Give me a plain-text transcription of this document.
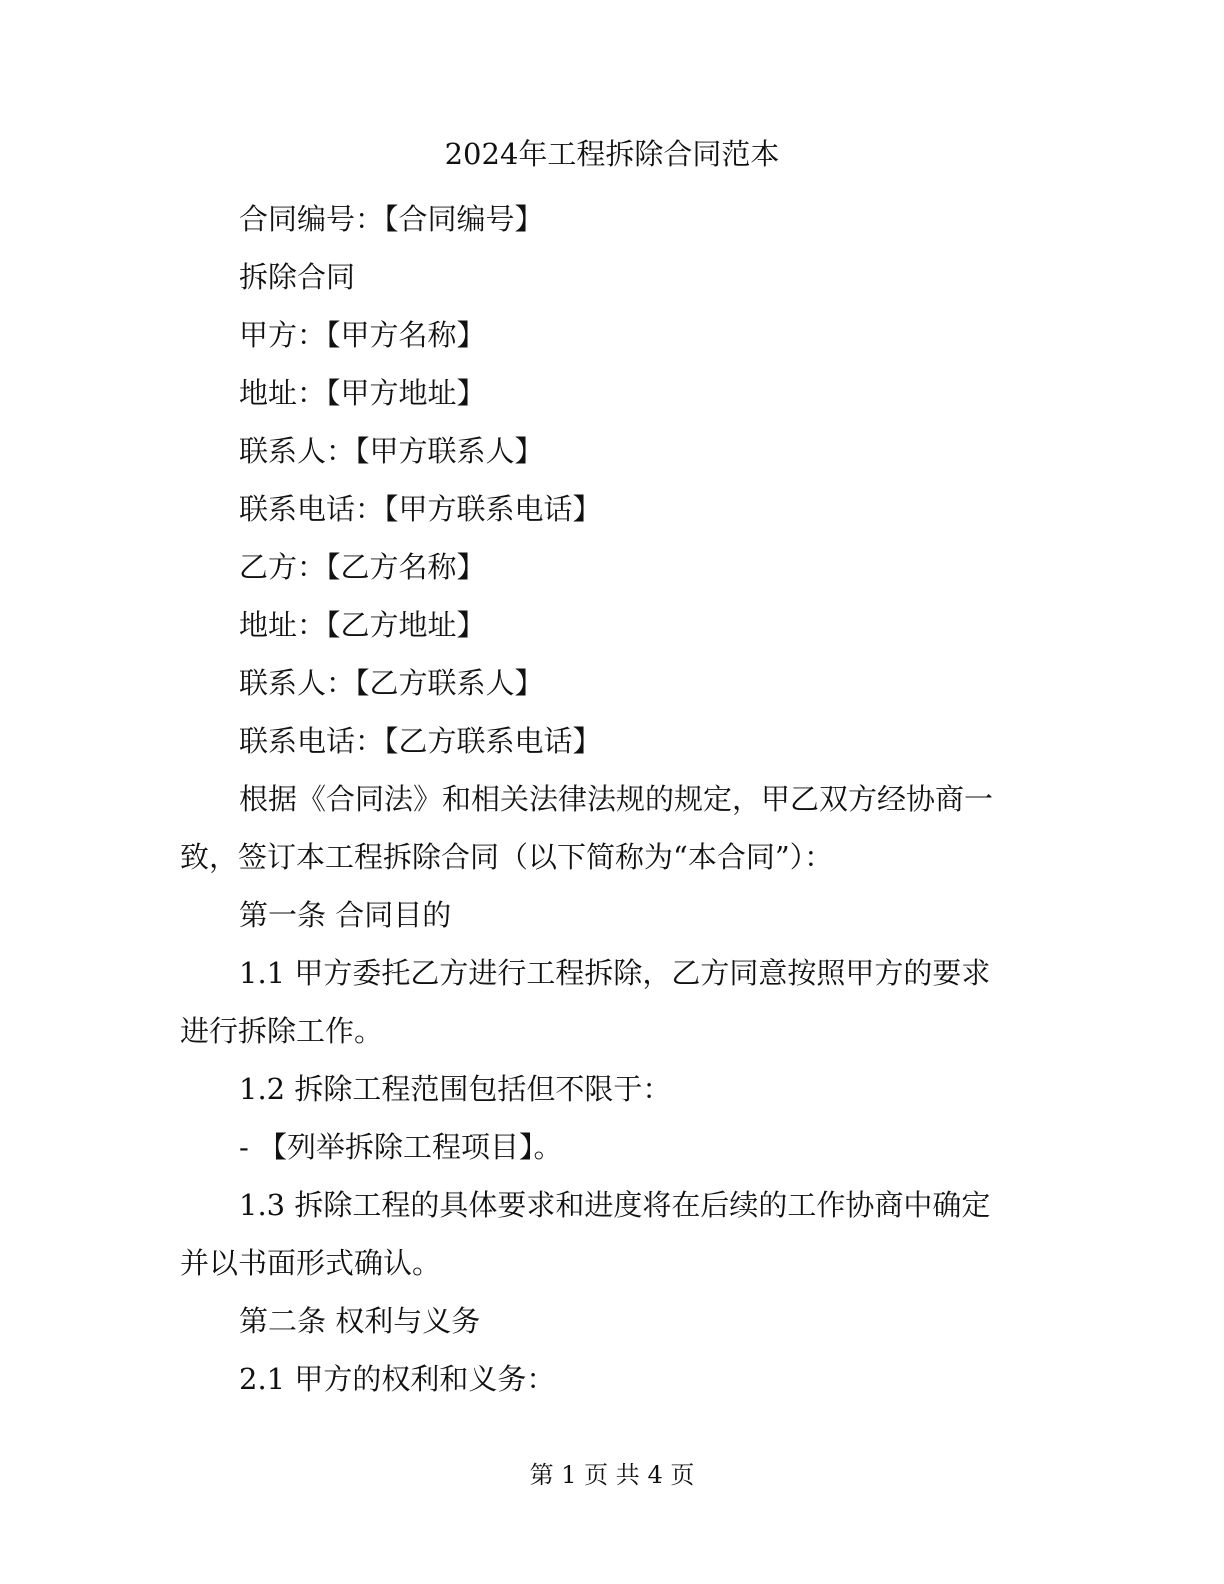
2024年工程拆除合同范本
合同编号：【合同编号】
拆除合同
甲方：【甲方名称】
地址：【甲方地址】
联系人：【甲方联系人】
联系电话：【甲方联系电话】
乙方：【乙方名称】
地址：【乙方地址】
联系人：【乙方联系人】
联系电话：【乙方联系电话】
根据《合同法》和相关法律法规的规定，甲乙双方经协商一
致，签订本工程拆除合同（以下简称为“本合同”）：
第一条 合同目的
1.1 甲方委托乙方进行工程拆除，乙方同意按照甲方的要求
进行拆除工作。
1.2 拆除工程范围包括但不限于：
- 【列举拆除工程项目】。
1.3 拆除工程的具体要求和进度将在后续的工作协商中确定
并以书面形式确认。
第二条 权利与义务
2.1 甲方的权利和义务：
第 1 页 共 4 页
